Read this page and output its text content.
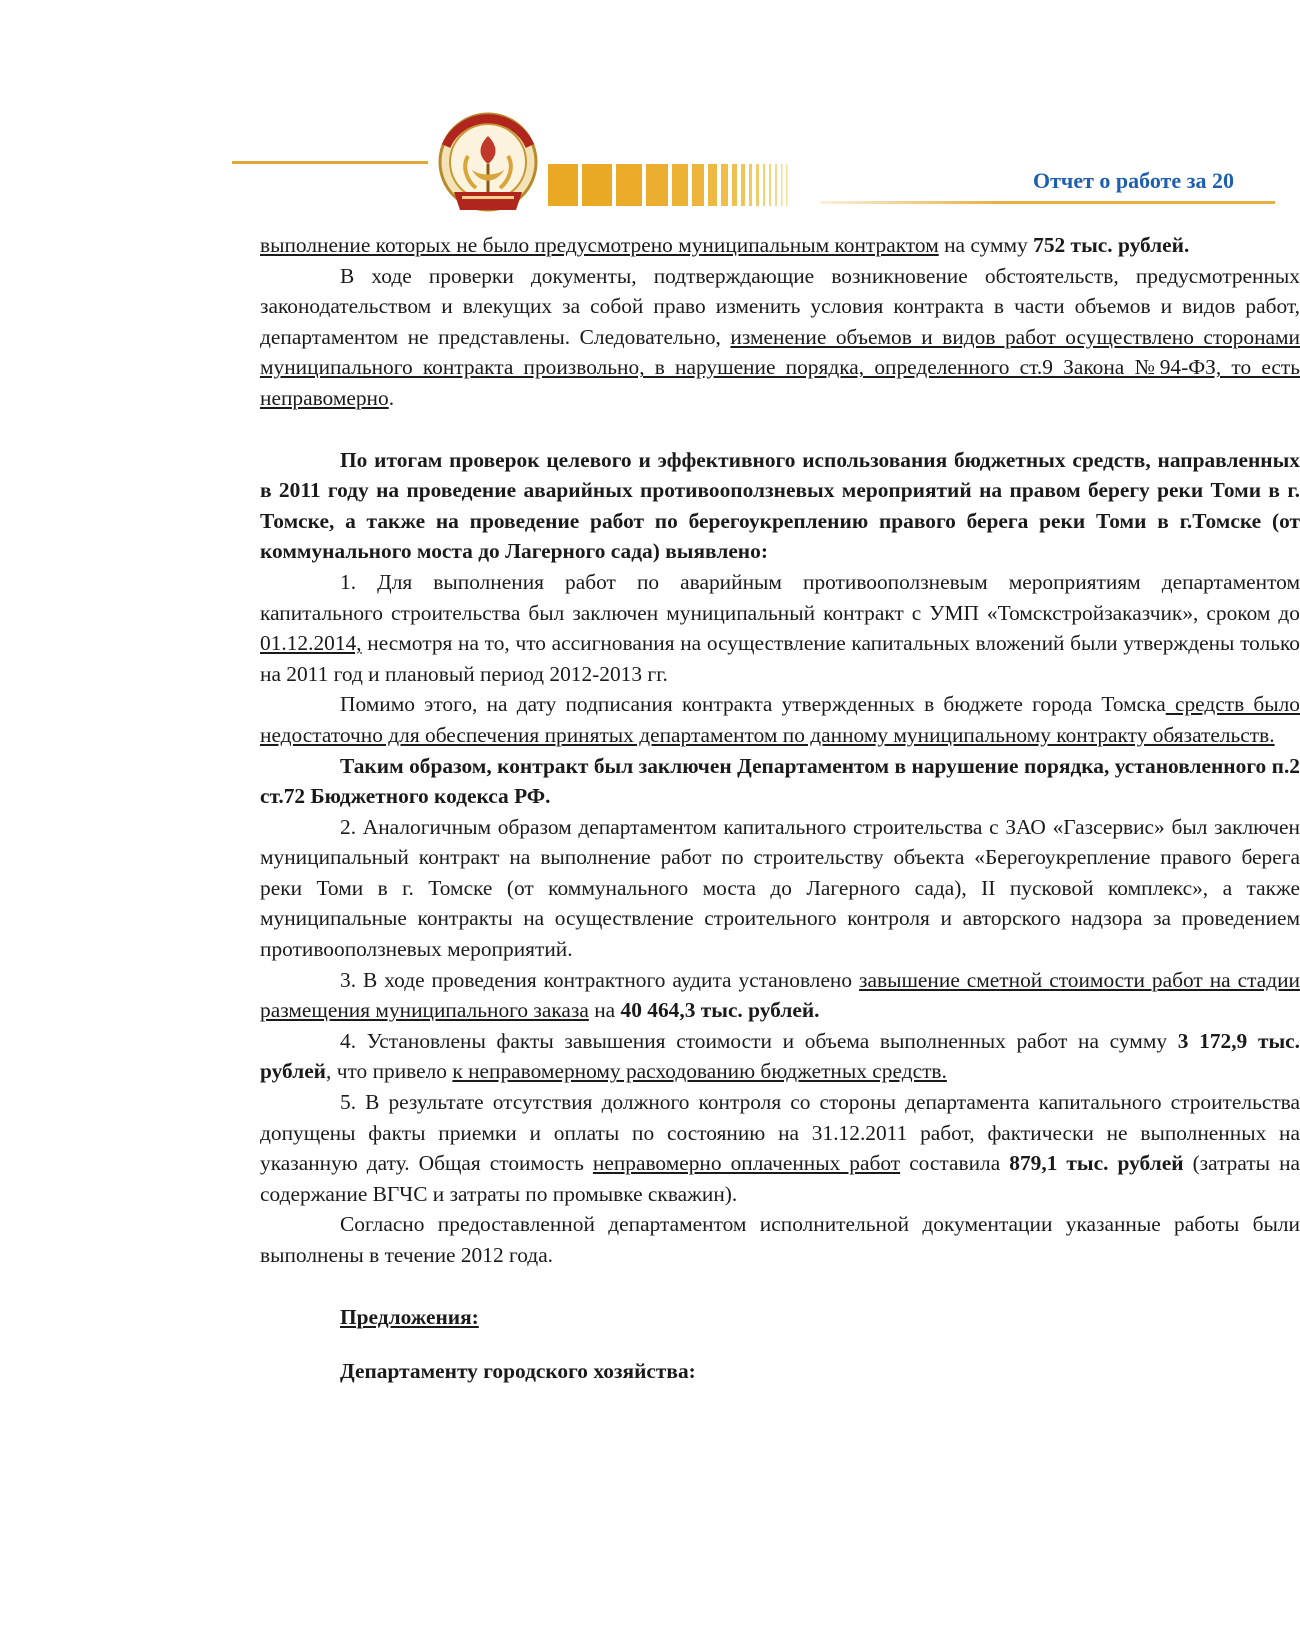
Отчет о работе за 20

выполнение которых не было предусмотрено муниципальным контрактом на сумму 752 тыс. рублей.

В ходе проверки документы, подтверждающие возникновение обстоятельств, предусмотренных законодательством и влекущих за собой право изменить условия контракта в части объемов и видов работ, департаментом не представлены. Следовательно, изменение объемов и видов работ осуществлено сторонами муниципального контракта произвольно, в нарушение порядка, определенного ст.9 Закона №94-ФЗ, то есть неправомерно.

По итогам проверок целевого и эффективного использования бюджетных средств, направленных в 2011 году на проведение аварийных противооползневых мероприятий на правом берегу реки Томи в г. Томске, а также на проведение работ по берегоукреплению правого берега реки Томи в г.Томске (от коммунального моста до Лагерного сада) выявлено:

1. Для выполнения работ по аварийным противооползневым мероприятиям департаментом капитального строительства был заключен муниципальный контракт с УМП «Томскстройзаказчик», сроком до 01.12.2014, несмотря на то, что ассигнования на осуществление капитальных вложений были утверждены только на 2011 год и плановый период 2012-2013 гг.

Помимо этого, на дату подписания контракта утвержденных в бюджете города Томска средств было недостаточно для обеспечения принятых департаментом по данному муниципальному контракту обязательств.

Таким образом, контракт был заключен Департаментом в нарушение порядка, установленного п.2 ст.72 Бюджетного кодекса РФ.

2. Аналогичным образом департаментом капитального строительства с ЗАО «Газсервис» был заключен муниципальный контракт на выполнение работ по строительству объекта «Берегоукрепление правого берега реки Томи в г. Томске (от коммунального моста до Лагерного сада), II пусковой комплекс», а также муниципальные контракты на осуществление строительного контроля и авторского надзора за проведением противооползневых мероприятий.

3. В ходе проведения контрактного аудита установлено завышение сметной стоимости работ на стадии размещения муниципального заказа на 40 464,3 тыс. рублей.

4. Установлены факты завышения стоимости и объема выполненных работ на сумму 3 172,9 тыс. рублей, что привело к неправомерному расходованию бюджетных средств.

5. В результате отсутствия должного контроля со стороны департамента капитального строительства допущены факты приемки и оплаты по состоянию на 31.12.2011 работ, фактически не выполненных на указанную дату. Общая стоимость неправомерно оплаченных работ составила 879,1 тыс. рублей (затраты на содержание ВГЧС и затраты по промывке скважин).

Согласно предоставленной департаментом исполнительной документации указанные работы были выполнены в течение 2012 года.

Предложения:

Департаменту городского хозяйства:
